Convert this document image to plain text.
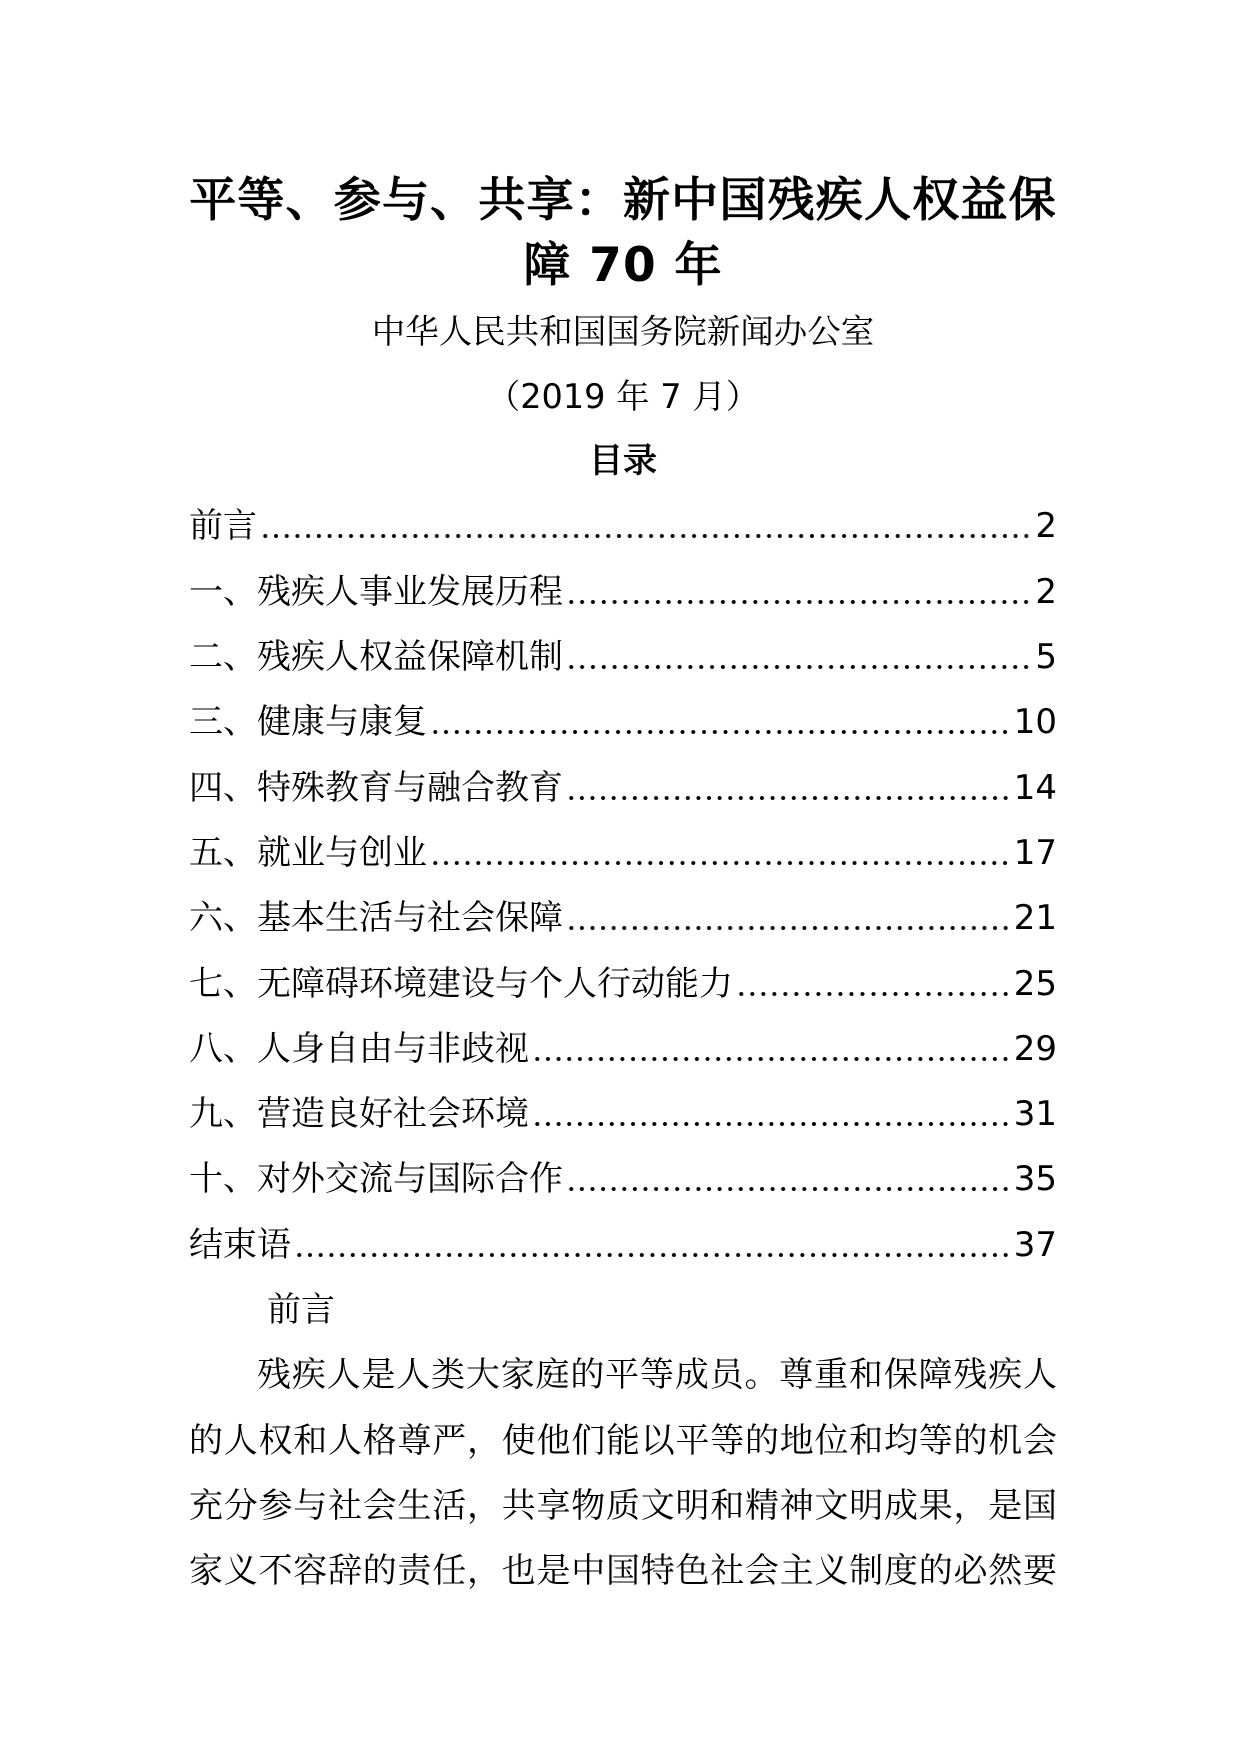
平等、参与、共享：新中国残疾人权益保
障 70 年
中华人民共和国国务院新闻办公室
（2019 年 7 月）
目录
前言	2
一、残疾人事业发展历程	2
二、残疾人权益保障机制	5
三、健康与康复	10
四、特殊教育与融合教育	14
五、就业与创业	17
六、基本生活与社会保障	21
七、无障碍环境建设与个人行动能力	25
八、人身自由与非歧视	29
九、营造良好社会环境	31
十、对外交流与国际合作	35
结束语	37
前言

残疾人是人类大家庭的平等成员。尊重和保障残疾人的人权和人格尊严，使他们能以平等的地位和均等的机会充分参与社会生活，共享物质文明和精神文明成果，是国家义不容辞的责任，也是中国特色社会主义制度的必然要
